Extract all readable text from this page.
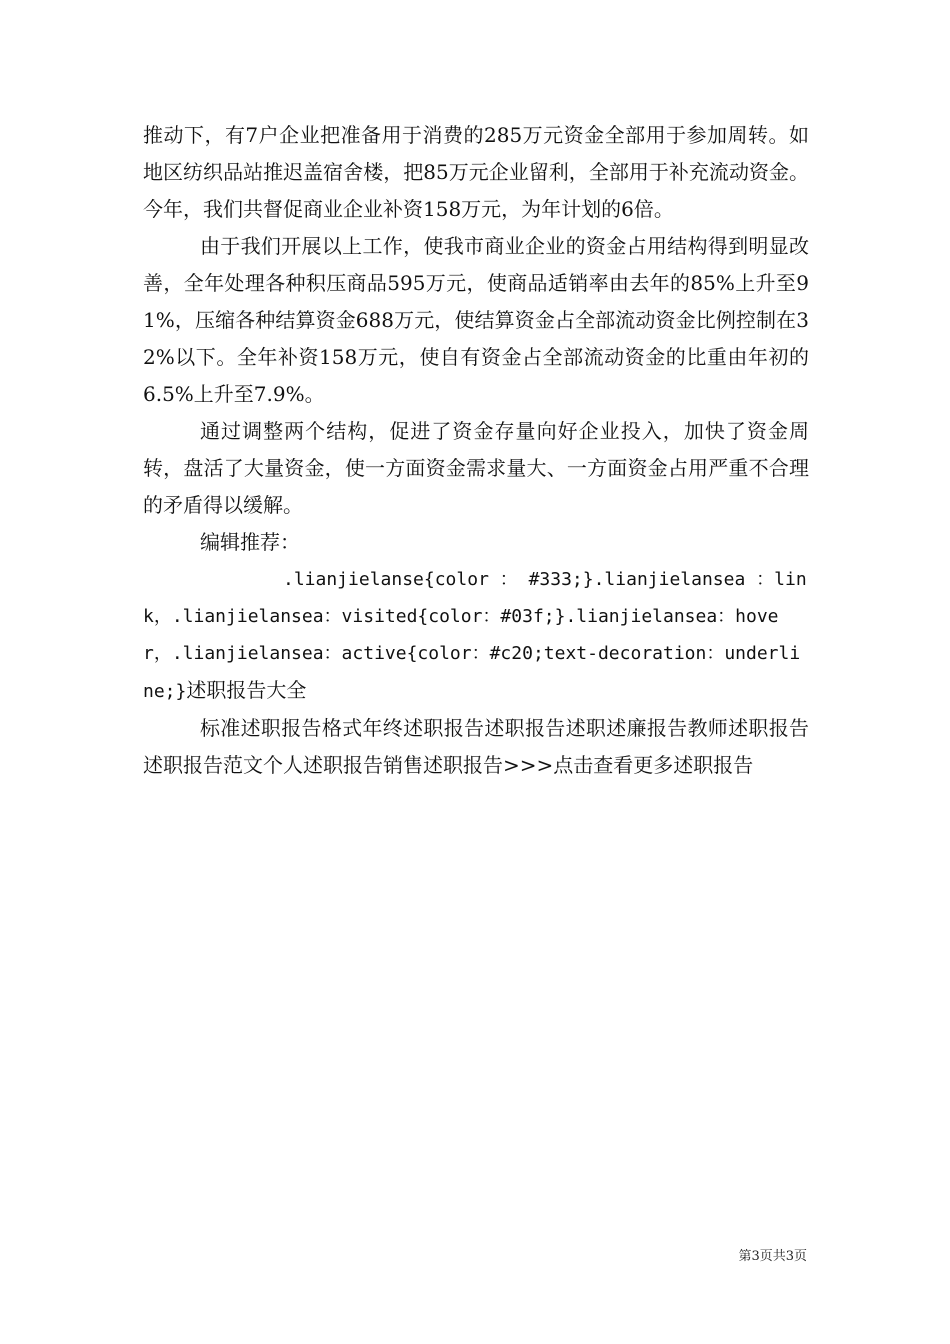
推动下，有7户企业把准备用于消费的285万元资金全部用于参加周转。如地区纺织品站推迟盖宿舍楼，把85万元企业留利，全部用于补充流动资金。今年，我们共督促商业企业补资158万元，为年计划的6倍。

由于我们开展以上工作，使我市商业企业的资金占用结构得到明显改善，全年处理各种积压商品595万元，使商品适销率由去年的85%上升至91%，压缩各种结算资金688万元，使结算资金占全部流动资金比例控制在32%以下。全年补资158万元，使自有资金占全部流动资金的比重由年初的6.5%上升至7.9%。

通过调整两个结构，促进了资金存量向好企业投入，加快了资金周转，盘活了大量资金，使一方面资金需求量大、一方面资金占用严重不合理的矛盾得以缓解。

编辑推荐：

.lianjielanse{color ： #333;}.lianjielansea ：link，.lianjielansea：visited{color：#03f;}.lianjielansea：hover，.lianjielansea：active{color：#c20;text-decoration：underline;}述职报告大全

标准述职报告格式年终述职报告述职报告述职述廉报告教师述职报告述职报告范文个人述职报告销售述职报告>>>点击查看更多述职报告

第3页共3页
